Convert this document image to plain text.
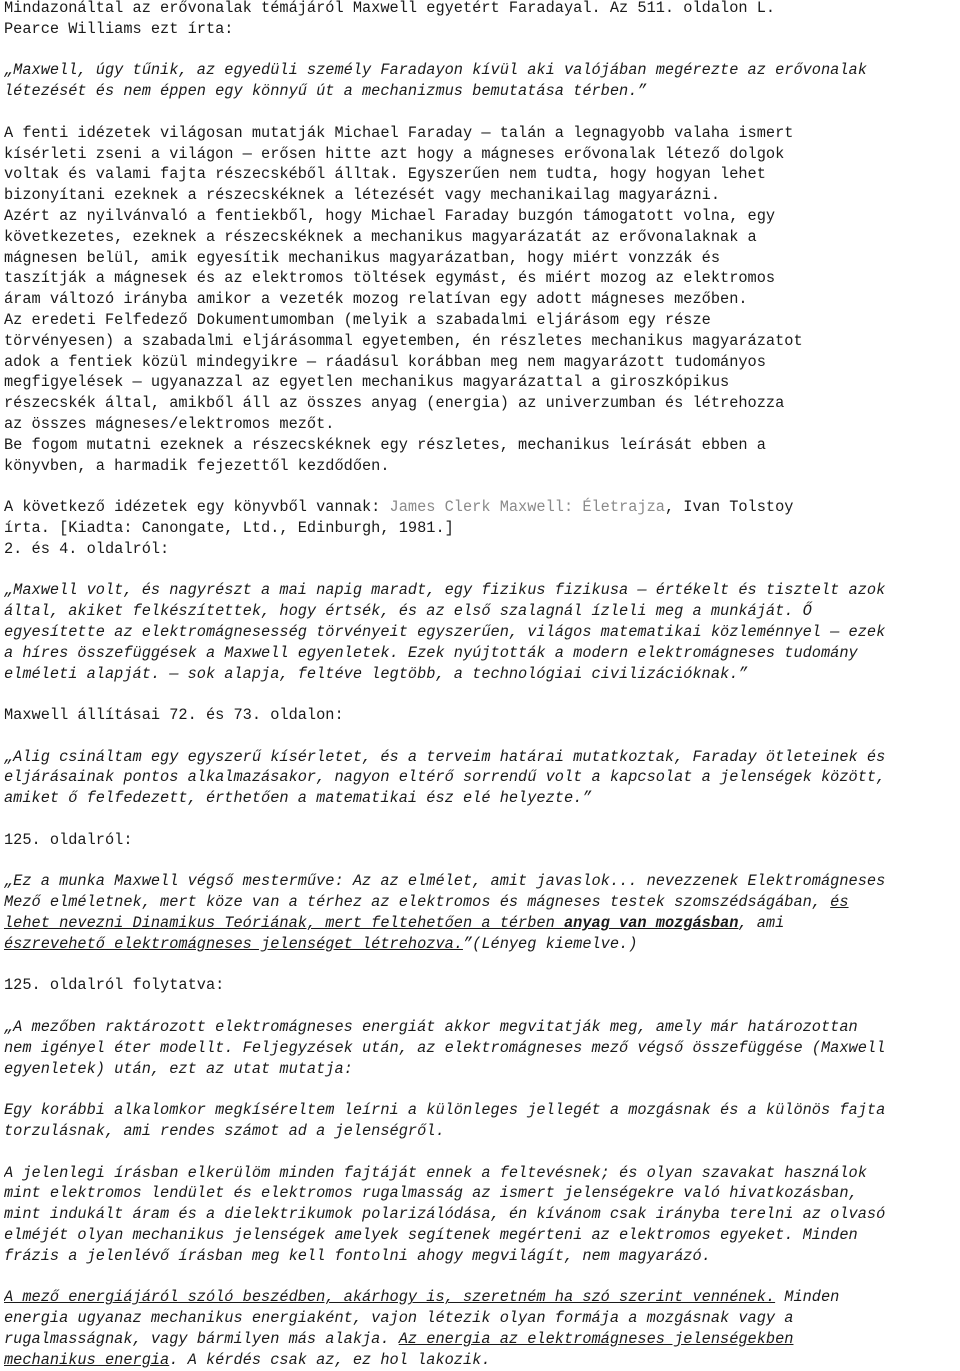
Mindazonáltal az erővonalak témájáról Maxwell egyetért Faradayal. Az 511. oldalon L.
Pearce Williams ezt írta:
„Maxwell, úgy tűnik, az egyedüli személy Faradayon kívül aki valójában megérezte az erővonalak
létezését és nem éppen egy könnyű út a mechanizmus bemutatása térben.”
A fenti idézetek világosan mutatják Michael Faraday — talán a legnagyobb valaha ismert
kísérleti zseni a világon — erősen hitte azt hogy a mágneses erővonalak létező dolgok
voltak és valami fajta részecskéből álltak. Egyszerűen nem tudta, hogy hogyan lehet
bizonyítani ezeknek a részecskéknek a létezését vagy mechanikailag magyarázni.
Azért az nyilvánvaló a fentiekből, hogy Michael Faraday buzgón támogatott volna, egy
következetes, ezeknek a részecskéknek a mechanikus magyarázatát az erővonalaknak a
mágnesen belül, amik egyesítik mechanikus magyarázatban, hogy miért vonzzák és
taszítják a mágnesek és az elektromos töltések egymást, és miért mozog az elektromos
áram változó irányba amikor a vezeték mozog relatívan egy adott mágneses mezőben.
Az eredeti Felfedező Dokumentumomban (melyik a szabadalmi eljárásom egy része
törvényesen) a szabadalmi eljárásommal egyetemben, én részletes mechanikus magyarázatot
adok a fentiek közül mindegyikre — ráadásul korábban meg nem magyarázott tudományos
megfigyelések — ugyanazzal az egyetlen mechanikus magyarázattal a giroszkópikus
részecskék által, amikből áll az összes anyag (energia) az univerzumban és létrehozza
az összes mágneses/elektromos mezőt.
Be fogom mutatni ezeknek a részecskéknek egy részletes, mechanikus leírását ebben a
könyvben, a harmadik fejezettől kezdődően.
A következő idézetek egy könyvből vannak: James Clerk Maxwell: Életrajza, Ivan Tolstoy
írta. [Kiadta: Canongate, Ltd., Edinburgh, 1981.]
2. és 4. oldalról:
„Maxwell volt, és nagyrészt a mai napig maradt, egy fizikus fizikusa — értékelt és tisztelt azok
által, akiket felkészítettek, hogy értsék, és az első szalagnál ízleli meg a munkáját. Ő
egyesítette az elektromágnesesség törvényeit egyszerűen, világos matematikai közleménnyel — ezek
a híres összefüggések a Maxwell egyenletek. Ezek nyújtották a modern elektromágneses tudomány
elméleti alapját. — sok alapja, feltéve legtöbb, a technológiai civilizációknak.”
Maxwell állításai 72. és 73. oldalon:
„Alig csináltam egy egyszerű kísérletet, és a terveim határai mutatkoztak, Faraday ötleteinek és
eljárásainak pontos alkalmazásakor, nagyon eltérő sorrendű volt a kapcsolat a jelenségek között,
amiket ő felfedezett, érthetően a matematikai ész elé helyezte.”
125. oldalról:
„Ez a munka Maxwell végső mesterműve: Az az elmélet, amit javaslok... nevezzenek Elektromágneses
Mező elméletnek, mert köze van a térhez az elektromos és mágneses testek szomszédságában, és
lehet nevezni Dinamikus Teóriának, mert feltehetően a térben anyag van mozgásban, ami
észrevehető elektromágneses jelenséget létrehozva.”(Lényeg kiemelve.)
125. oldalról folytatva:
„A mezőben raktározott elektromágneses energiát akkor megvitatják meg, amely már határozottan
nem igényel éter modellt. Feljegyzések után, az elektromágneses mező végső összefüggése (Maxwell
egyenletek) után, ezt az utat mutatja:
Egy korábbi alkalomkor megkíséreltem leírni a különleges jellegét a mozgásnak és a különös fajta
torzulásnak, ami rendes számot ad a jelenségről.
A jelenlegi írásban elkerülöm minden fajtáját ennek a feltevésnek; és olyan szavakat használok
mint elektromos lendület és elektromos rugalmasság az ismert jelenségekre való hivatkozásban,
mint indukált áram és a dielektrikumok polarizálódása, én kívánom csak irányba terelni az olvasó
elméjét olyan mechanikus jelenségek amelyek segítenek megérteni az elektromos egyeket. Minden
frázis a jelenlévő írásban meg kell fontolni ahogy megvilágít, nem magyarázó.
A mező energiájáról szóló beszédben, akárhogy is, szeretném ha szó szerint vennének. Minden
energia ugyanaz mechanikus energiaként, vajon létezik olyan formája a mozgásnak vagy a
rugalmasságnak, vagy bármilyen más alakja. Az energia az elektromágneses jelenségekben
mechanikus energia. A kérdés csak az, ez hol lakozik.
